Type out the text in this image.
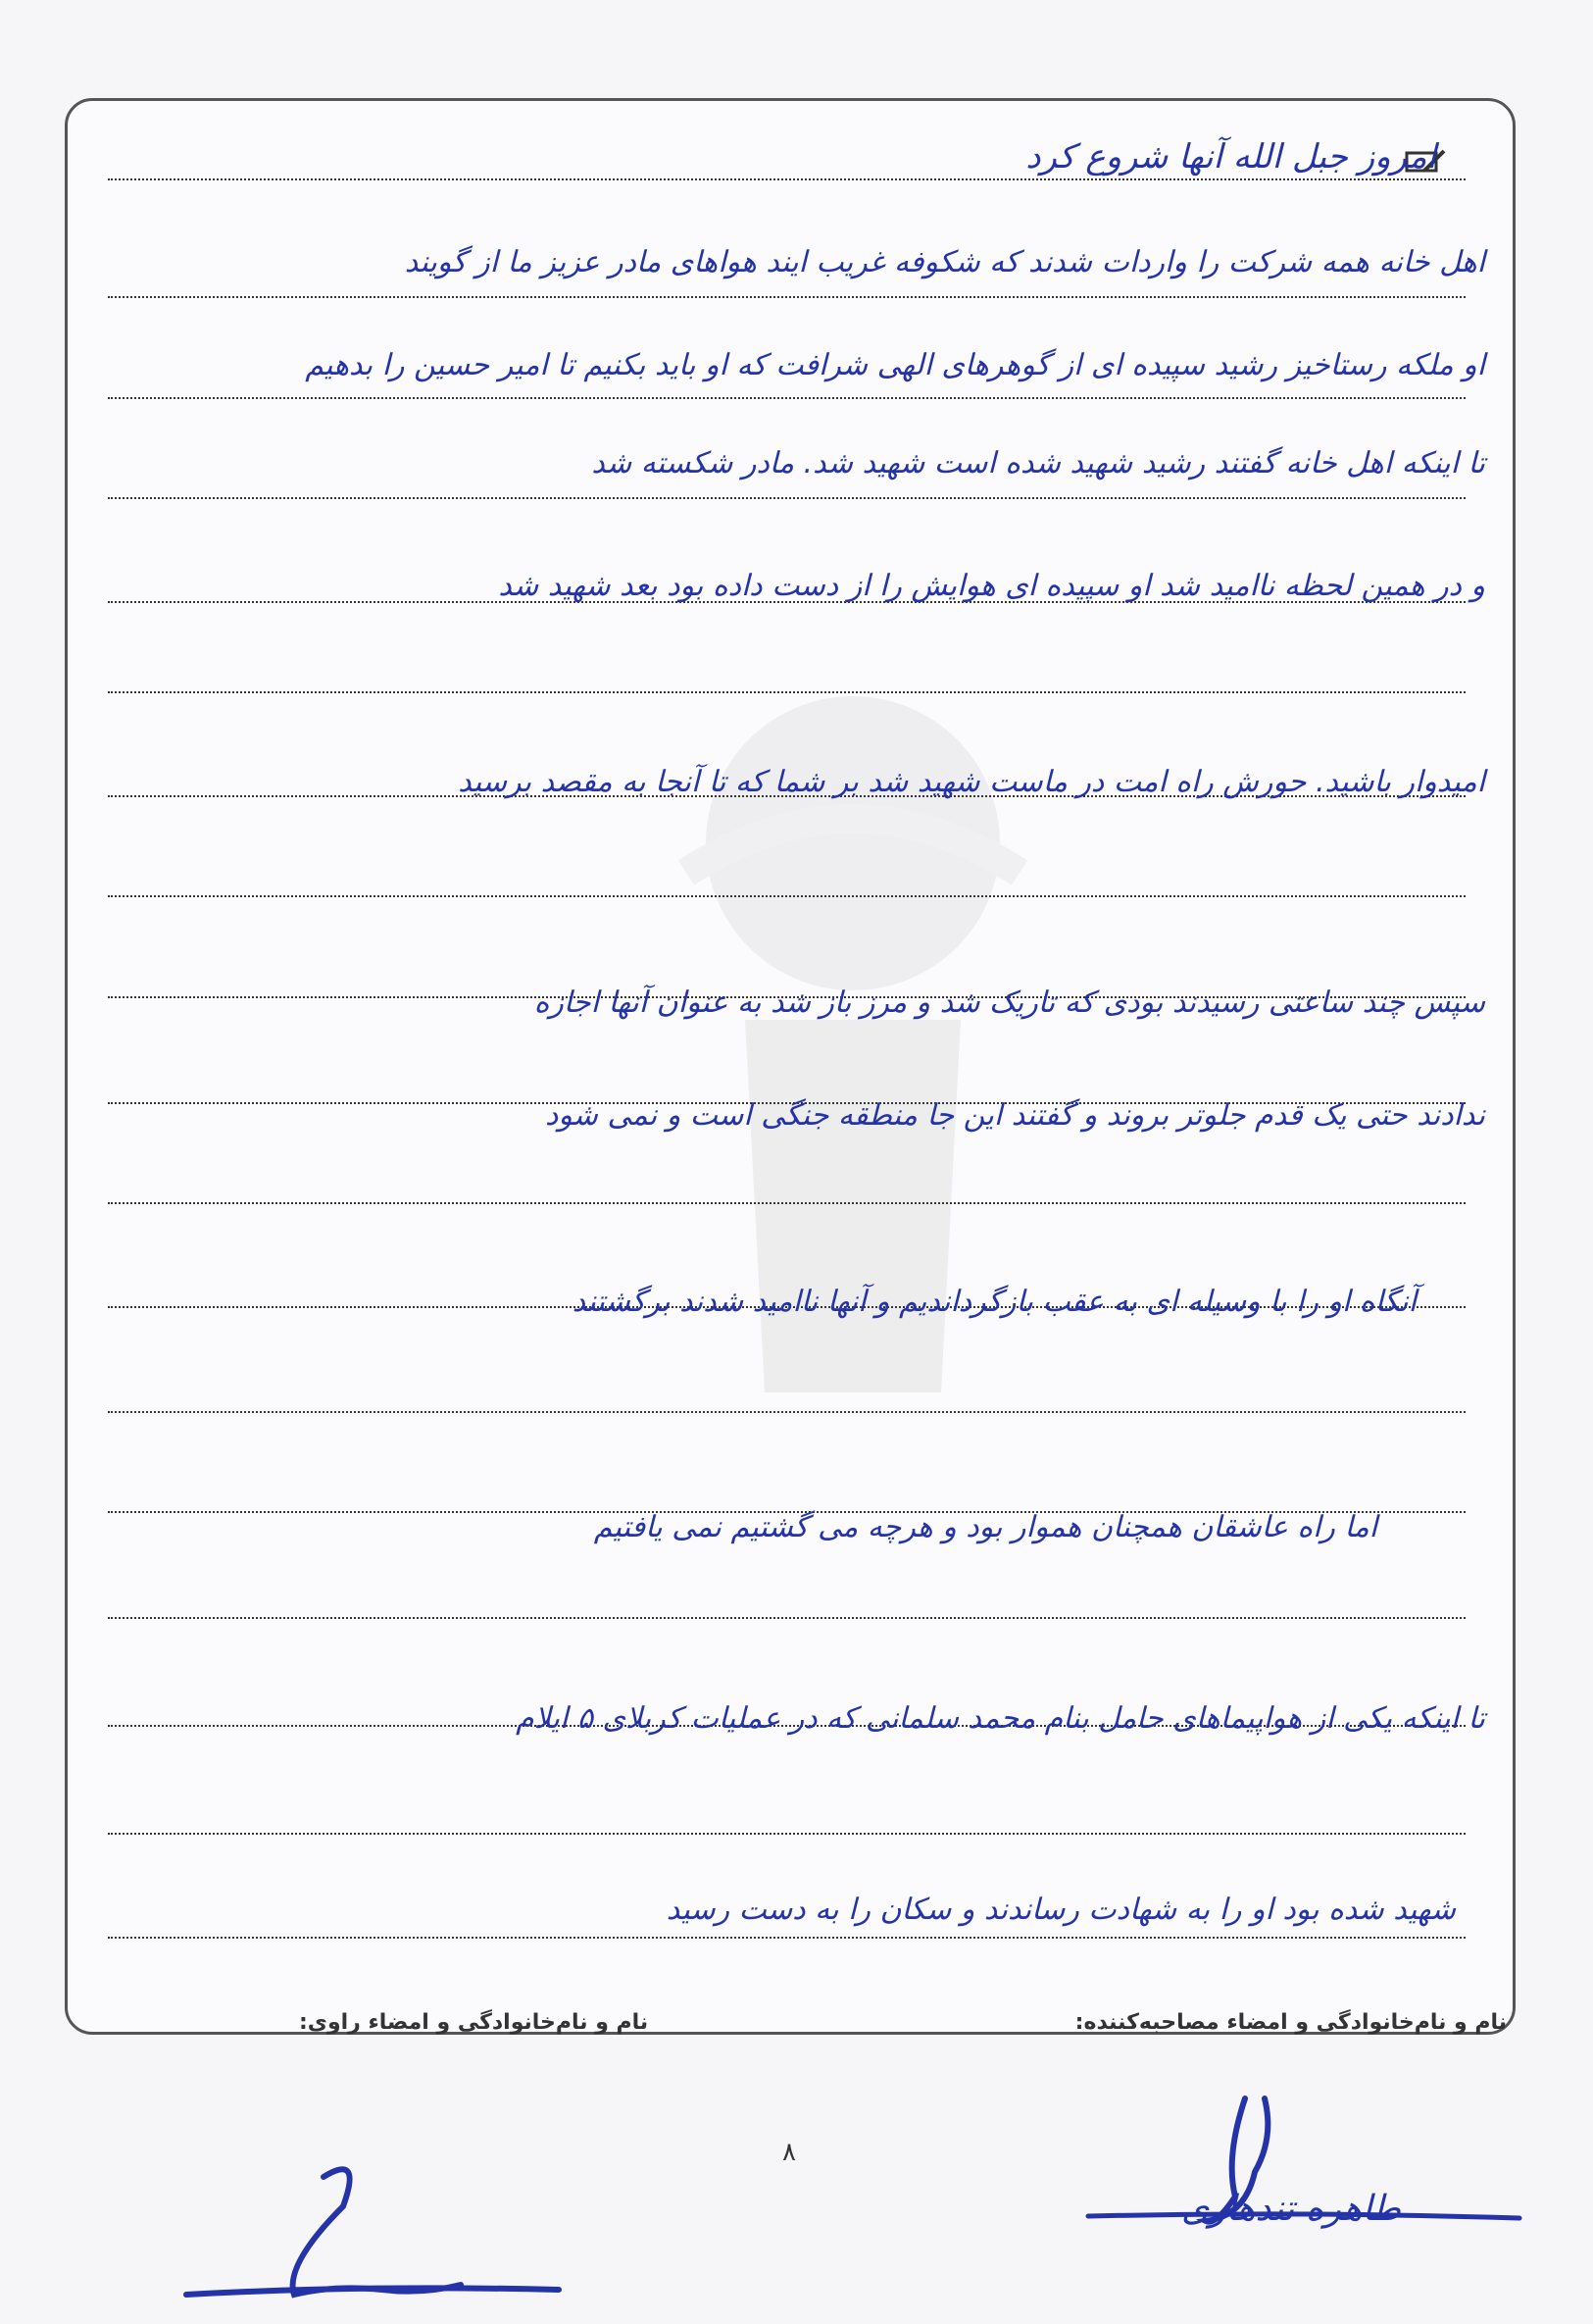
امروز جبل الله آنها شروع کرد
اهل خانه همه شرکت را واردات شدند که شکوفه غریب ایند هواهای مادر عزیز ما از گویند
او ملکه رستاخیز رشید سپیده ای از گوهرهای الهی شرافت که او باید بکنیم تا امیر حسین را بدهیم
تا اینکه اهل خانه گفتند رشید شهید شده است شهید شد. مادر شکسته شد
و در همین لحظه ناامید شد او سپیده ای هوایش را از دست داده بود بعد شهید شد
امیدوار باشید. حورش راه امت در ماست شهید شد بر شما که تا آنجا به مقصد برسید
سپس چند ساعتی رسیدند بودی که تاریک شد و مرز باز شد به عنوان آنها اجازه
ندادند حتی یک قدم جلوتر بروند و گفتند این جا منطقه جنگی است و نمی شود
آنگاه او را با وسیله ای به عقب بازگرداندیم و آنها ناامید شدند برگشتند
اما راه عاشقان همچنان هموار بود و هرچه می گشتیم نمی یافتیم
تا اینکه یکی از هواپیماهای حامل بنام محمد سلمانی که در عملیات کربلای ۵ ایلام
شهید شده بود او را به شهادت رساندند و سکان را به دست رسید
نام و نام‌خانوادگی و امضاء مصاحبه‌کننده:
نام و نام‌خانوادگی و امضاء راوی:
۸
طاهره تندهاری
